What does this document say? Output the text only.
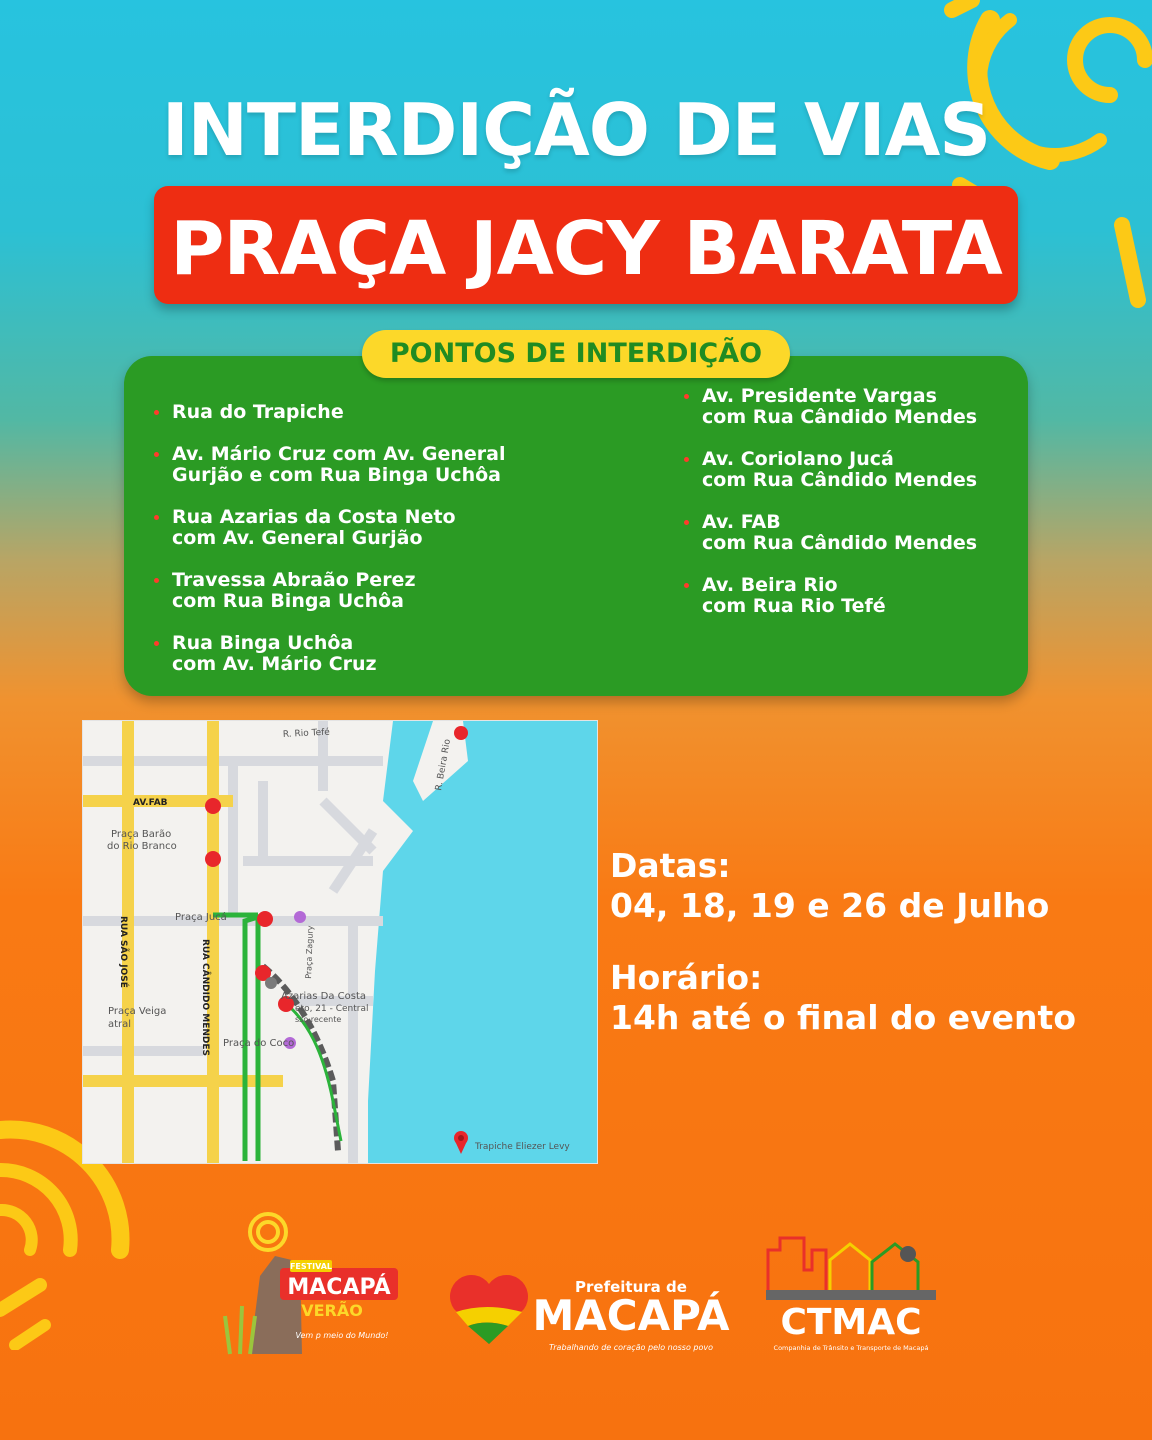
INTERDIÇÃO DE VIAS
PRAÇA JACY BARATA
PONTOS DE INTERDIÇÃO
Rua do Trapiche

Av. Mário Cruz com Av. General
Gurjão e com Rua Binga Uchôa
Rua Azarias da Costa Neto
com Av. General Gurjão
Travessa Abraão Perez
com Rua Binga Uchôa
Rua Binga Uchôa
com Av. Mário Cruz
Av. Presidente Vargas
com Rua Cândido Mendes
Av. Coriolano Jucá
com Rua Cândido Mendes
Av. FAB
com Rua Cândido Mendes
Av. Beira Rio
com Rua Rio Tefé
R. Rio Tefé
R. Beira Rio
AV.FAB
Praça Barão
do Rio Branco
Praça Jucá
RUA SÃO JOSÉ	RUA CÂNDIDO MENDES	Praça Zagury
Azarias Da Costa
eto, 21 - Central
sso recente
Praça Veiga
atral
Praça do Coco
Trapiche Eliezer Levy
Datas:
04, 18, 19 e 26 de Julho
Horário:
14h até o final do evento
FESTIVAL
MACAPÁ
VERÃO
Vem p meio do Mundo!
Prefeitura de
MACAPÁ
Trabalhando de coração pelo nosso povo
CTMAC
Companhia de Trânsito e Transporte de Macapá
